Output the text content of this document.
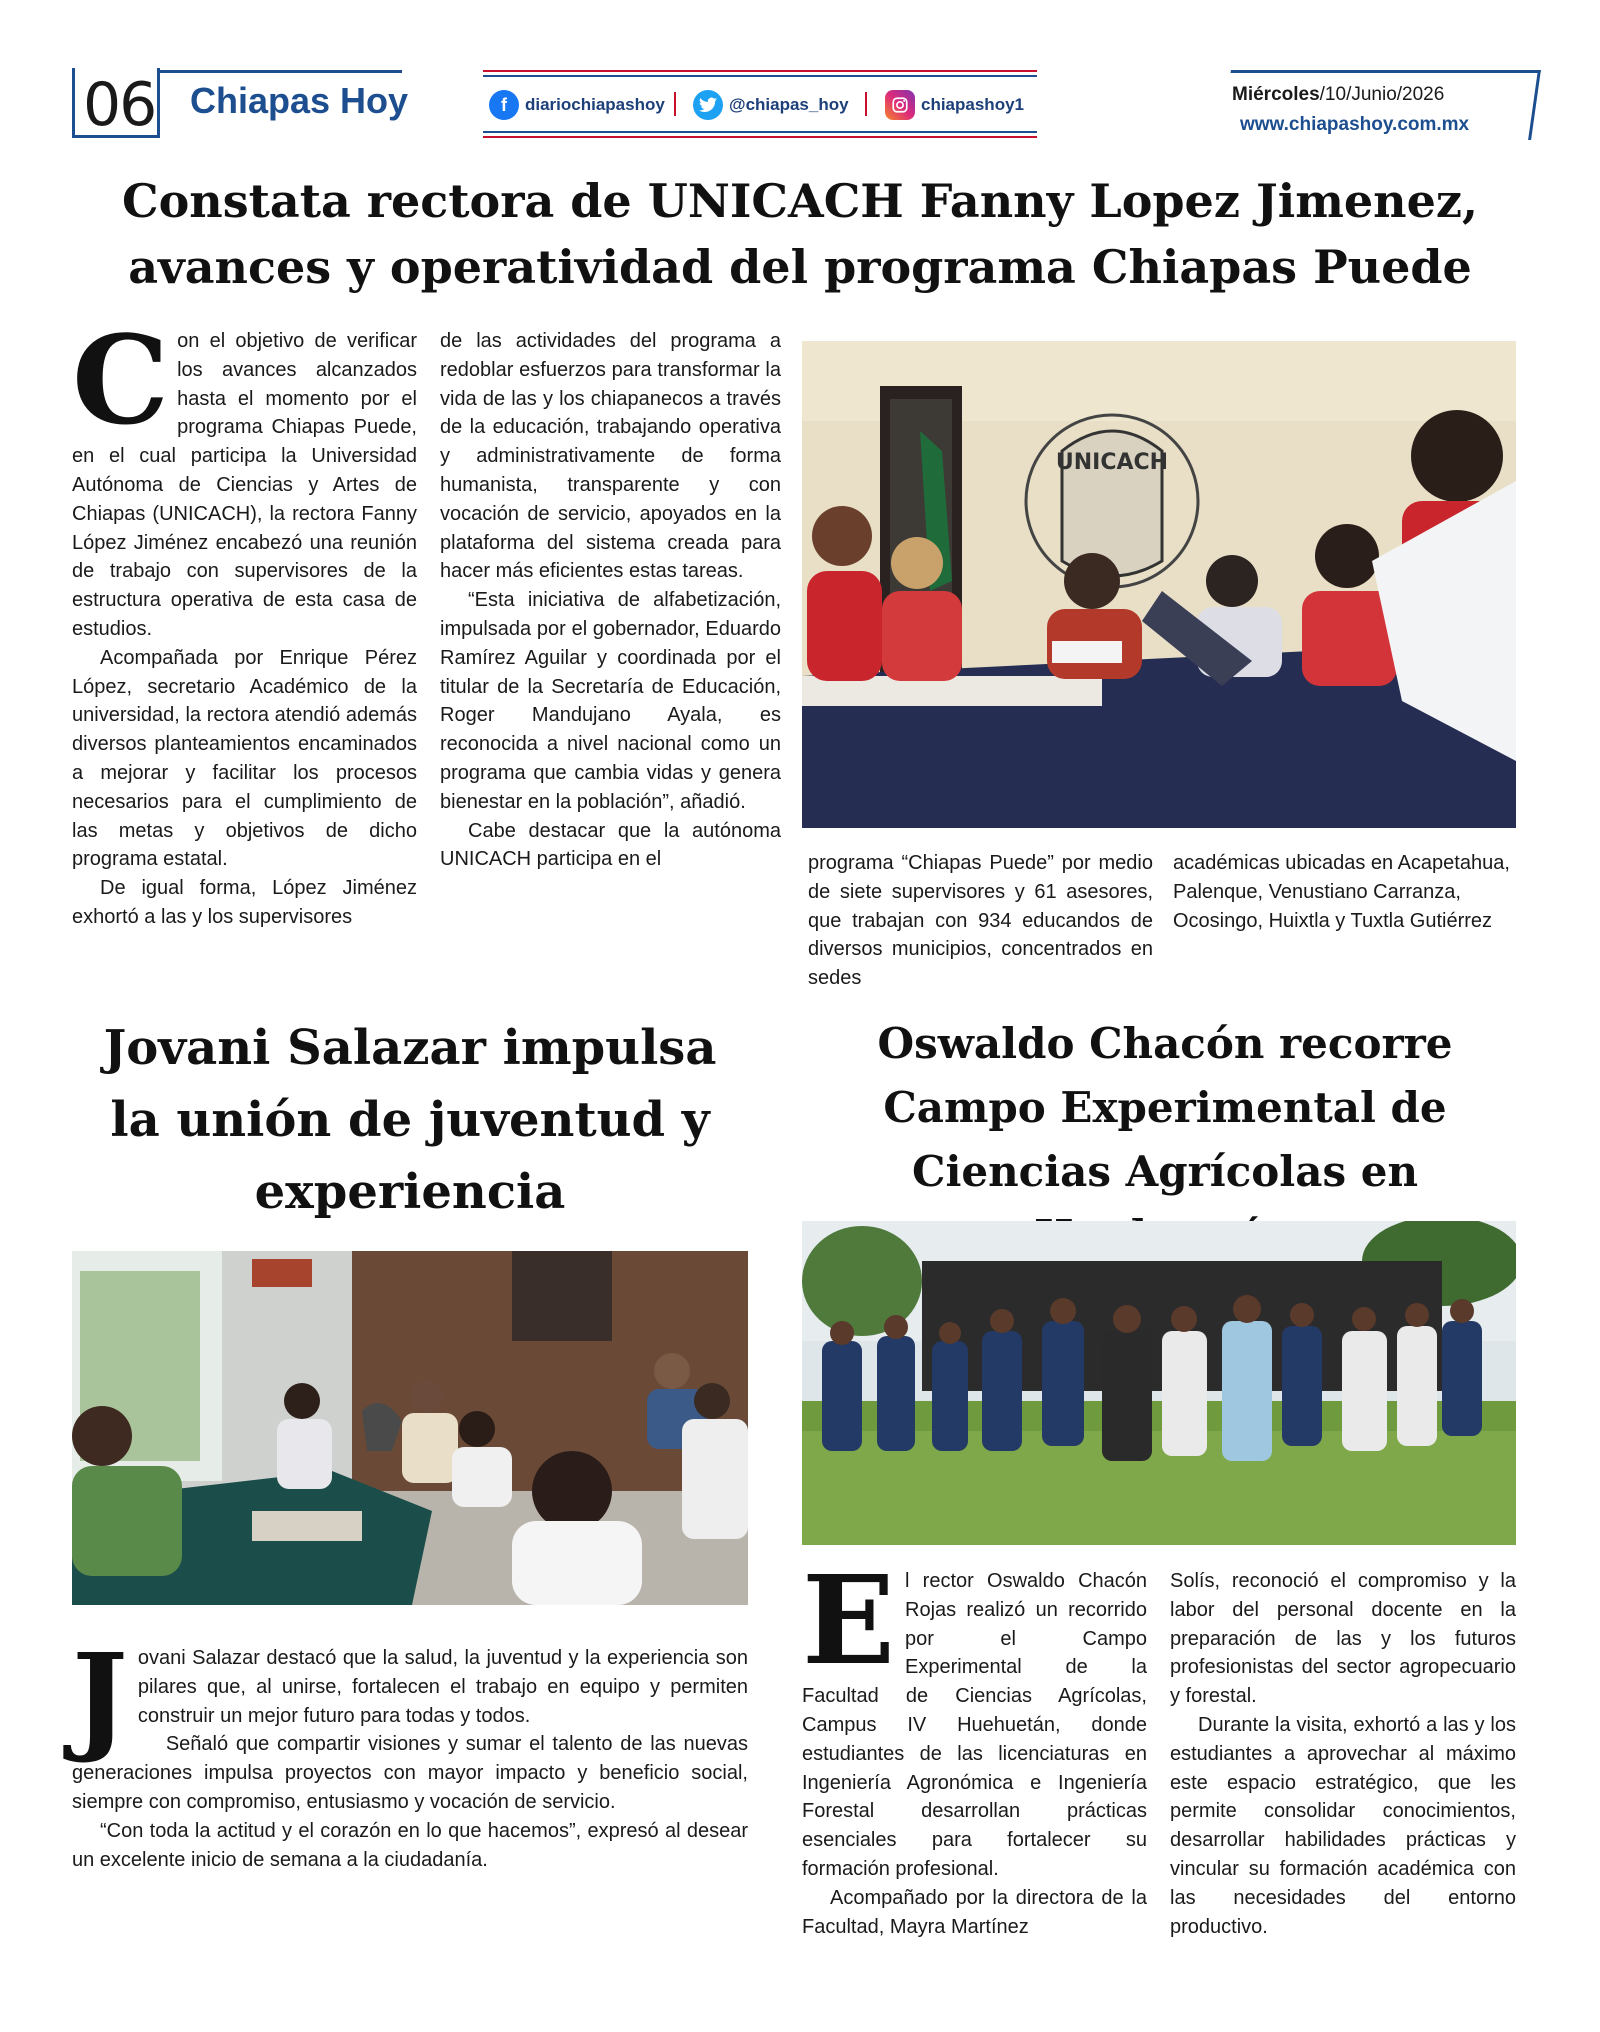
06 Chiapas Hoy	f	diariochiapashoy	@chiapas_hoy	chiapashoy1	Miércoles/10/Junio/2026
www.chiapashoy.com.mx
Constata rectora de UNICACH Fanny Lopez Jimenez, avances y operatividad del programa Chiapas Puede

Con el objetivo de verificar los avances alcanzados hasta el momento por el programa Chiapas Puede, en el cual participa la Universidad Autónoma de Ciencias y Artes de Chiapas (UNICACH), la rectora Fanny López Jiménez encabezó una reunión de trabajo con supervisores de la estructura operativa de esta casa de estudios.

Acompañada por Enrique Pérez López, secretario Académico de la universidad, la rectora atendió además diversos planteamientos encaminados a mejorar y facilitar los procesos necesarios para el cumplimiento de las metas y objetivos de dicho programa estatal.

De igual forma, López Jiménez exhortó a las y los supervisores

de las actividades del programa a redoblar esfuerzos para transformar la vida de las y los chiapanecos a través de la educación, trabajando operativa y administrativamente de forma humanista, transparente y con vocación de servicio, apoyados en la plataforma del sistema creada para hacer más eficientes estas tareas.

“Esta iniciativa de alfabetización, impulsada por el gobernador, Eduardo Ramírez Aguilar y coordinada por el titular de la Secretaría de Educación, Roger Mandujano Ayala, es reconocida a nivel nacional como un programa que cambia vidas y genera bienestar en la población”, añadió.

Cabe destacar que la autónoma UNICACH participa en el

UNICACH

programa “Chiapas Puede” por medio de siete supervisores y 61 asesores, que trabajan con 934 educandos de diversos municipios, concentrados en sedes

académicas ubicadas en Acapetahua, Palenque, Venustiano Carranza, Ocosingo, Huixtla y Tuxtla Gutiérrez

Jovani Salazar impulsa la unión de juventud y experiencia

Jovani Salazar destacó que la salud, la juventud y la experiencia son pilares que, al unirse, fortalecen el trabajo en equipo y permiten construir un mejor futuro para todas y todos.

Señaló que compartir visiones y sumar el talento de las nuevas generaciones impulsa proyectos con mayor impacto y beneficio social, siempre con compromiso, entusiasmo y vocación de servicio.

“Con toda la actitud y el corazón en lo que hacemos”, expresó al desear un excelente inicio de semana a la ciudadanía.

Oswaldo Chacón recorre Campo Experimental de Ciencias Agrícolas en

El rector Oswaldo Chacón Rojas realizó un recorrido por el Campo Experimental de la Facultad de Ciencias Agrícolas, Campus IV Huehuetán, donde estudiantes de las licenciaturas en Ingeniería Agronómica e Ingeniería Forestal desarrollan prácticas esenciales para fortalecer su formación profesional.

Acompañado por la directora de la Facultad, Mayra Martínez

Solís, reconoció el compromiso y la labor del personal docente en la preparación de las y los futuros profesionistas del sector agropecuario y forestal.

Durante la visita, exhortó a las y los estudiantes a aprovechar al máximo este espacio estratégico, que les permite consolidar conocimientos, desarrollar habilidades prácticas y vincular su formación académica con las necesidades del entorno productivo.
